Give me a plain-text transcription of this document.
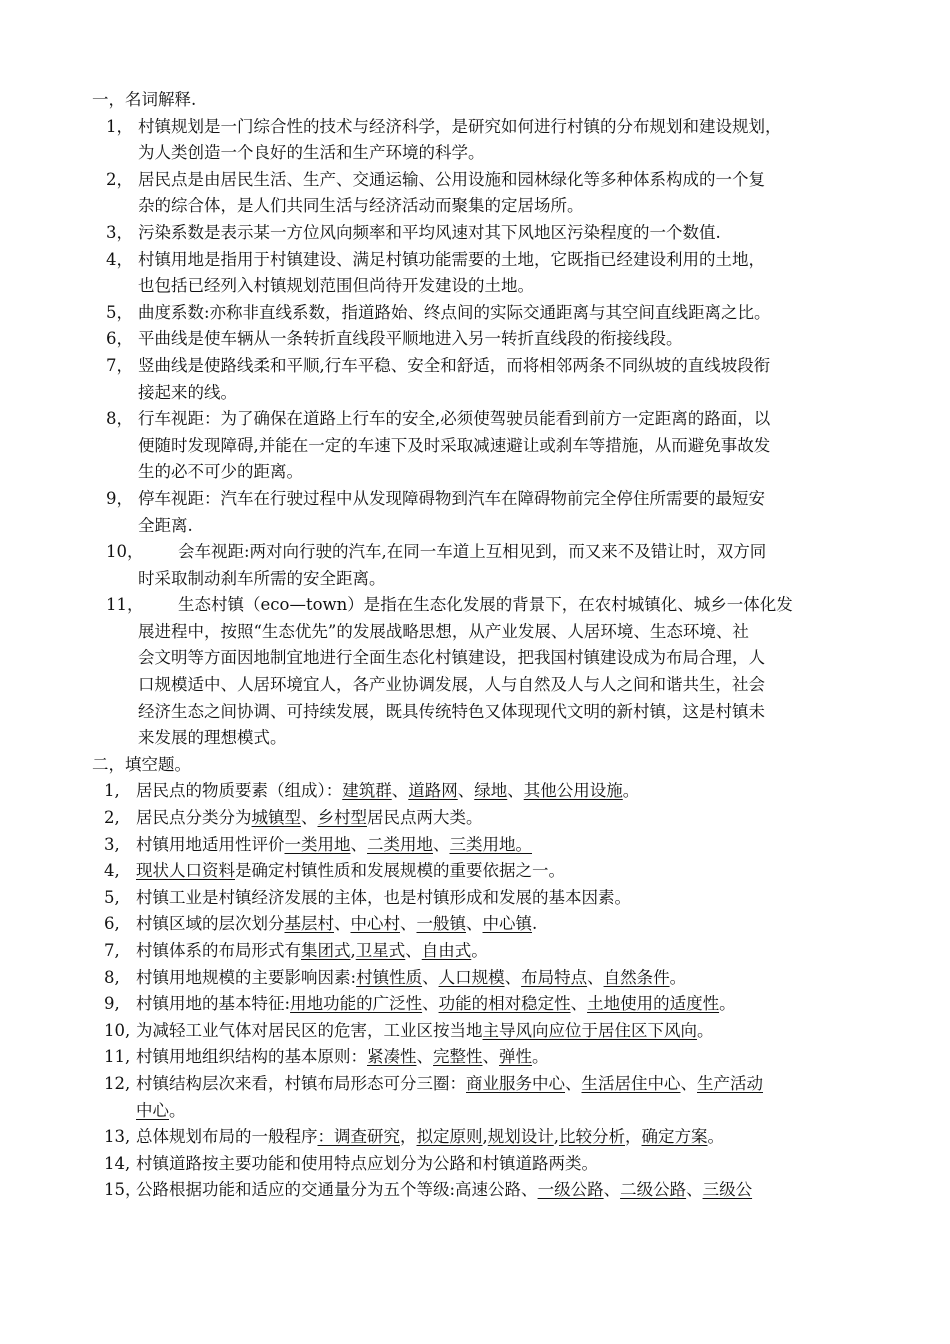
一，名词解释.

1， 村镇规划是一门综合性的技术与经济科学，是研究如何进行村镇的分布规划和建设规划，
为人类创造一个良好的生活和生产环境的科学。
2， 居民点是由居民生活、生产、交通运输、公用设施和园林绿化等多种体系构成的一个复
杂的综合体，是人们共同生活与经济活动而聚集的定居场所。
3， 污染系数是表示某一方位风向频率和平均风速对其下风地区污染程度的一个数值.
4， 村镇用地是指用于村镇建设、满足村镇功能需要的土地，它既指已经建设利用的土地，
也包括已经列入村镇规划范围但尚待开发建设的土地。
5， 曲度系数:亦称非直线系数，指道路始、终点间的实际交通距离与其空间直线距离之比。
6， 平曲线是使车辆从一条转折直线段平顺地进入另一转折直线段的衔接线段。
7， 竖曲线是使路线柔和平顺,行车平稳、安全和舒适，而将相邻两条不同纵坡的直线坡段衔
接起来的线。
8， 行车视距：为了确保在道路上行车的安全,必须使驾驶员能看到前方一定距离的路面，以
便随时发现障碍,并能在一定的车速下及时采取减速避让或刹车等措施，从而避免事故发
生的必不可少的距离。
9， 停车视距：汽车在行驶过程中从发现障碍物到汽车在障碍物前完全停住所需要的最短安
全距离.
10，	会车视距:两对向行驶的汽车,在同一车道上互相见到，而又来不及错让时，双方同
时采取制动刹车所需的安全距离。
11，	生态村镇（eco—town）是指在生态化发展的背景下，在农村城镇化、城乡一体化发
展进程中，按照“生态优先”的发展战略思想，从产业发展、人居环境、生态环境、社
会文明等方面因地制宜地进行全面生态化村镇建设，把我国村镇建设成为布局合理，人
口规模适中、人居环境宜人，各产业协调发展，人与自然及人与人之间和谐共生，社会
经济生态之间协调、可持续发展，既具传统特色又体现现代文明的新村镇，这是村镇未
来发展的理想模式。

二，填空题。

1, 居民点的物质要素（组成）：建筑群、道路网、绿地、其他公用设施。
2, 居民点分类分为城镇型、乡村型居民点两大类。
3, 村镇用地适用性评价一类用地、二类用地、三类用地。
4, 现状人口资料是确定村镇性质和发展规模的重要依据之一。
5, 村镇工业是村镇经济发展的主体，也是村镇形成和发展的基本因素。
6, 村镇区域的层次划分基层村、中心村、一般镇、中心镇.
7, 村镇体系的布局形式有集团式,卫星式、自由式。
8, 村镇用地规模的主要影响因素:村镇性质、人口规模、布局特点、自然条件。
9, 村镇用地的基本特征:用地功能的广泛性、功能的相对稳定性、土地使用的适度性。
10, 为减轻工业气体对居民区的危害，工业区按当地主导风向应位于居住区下风向。
11, 村镇用地组织结构的基本原则：紧凑性、完整性、弹性。
12, 村镇结构层次来看，村镇布局形态可分三圈：商业服务中心、生活居住中心、生产活动
中心。
13, 总体规划布局的一般程序：调查研究，拟定原则,规划设计,比较分析，确定方案。
14, 村镇道路按主要功能和使用特点应划分为公路和村镇道路两类。
15，
公路根据功能和适应的交通量分为五个等级:高速公路、一级公路、二级公路、三级公
